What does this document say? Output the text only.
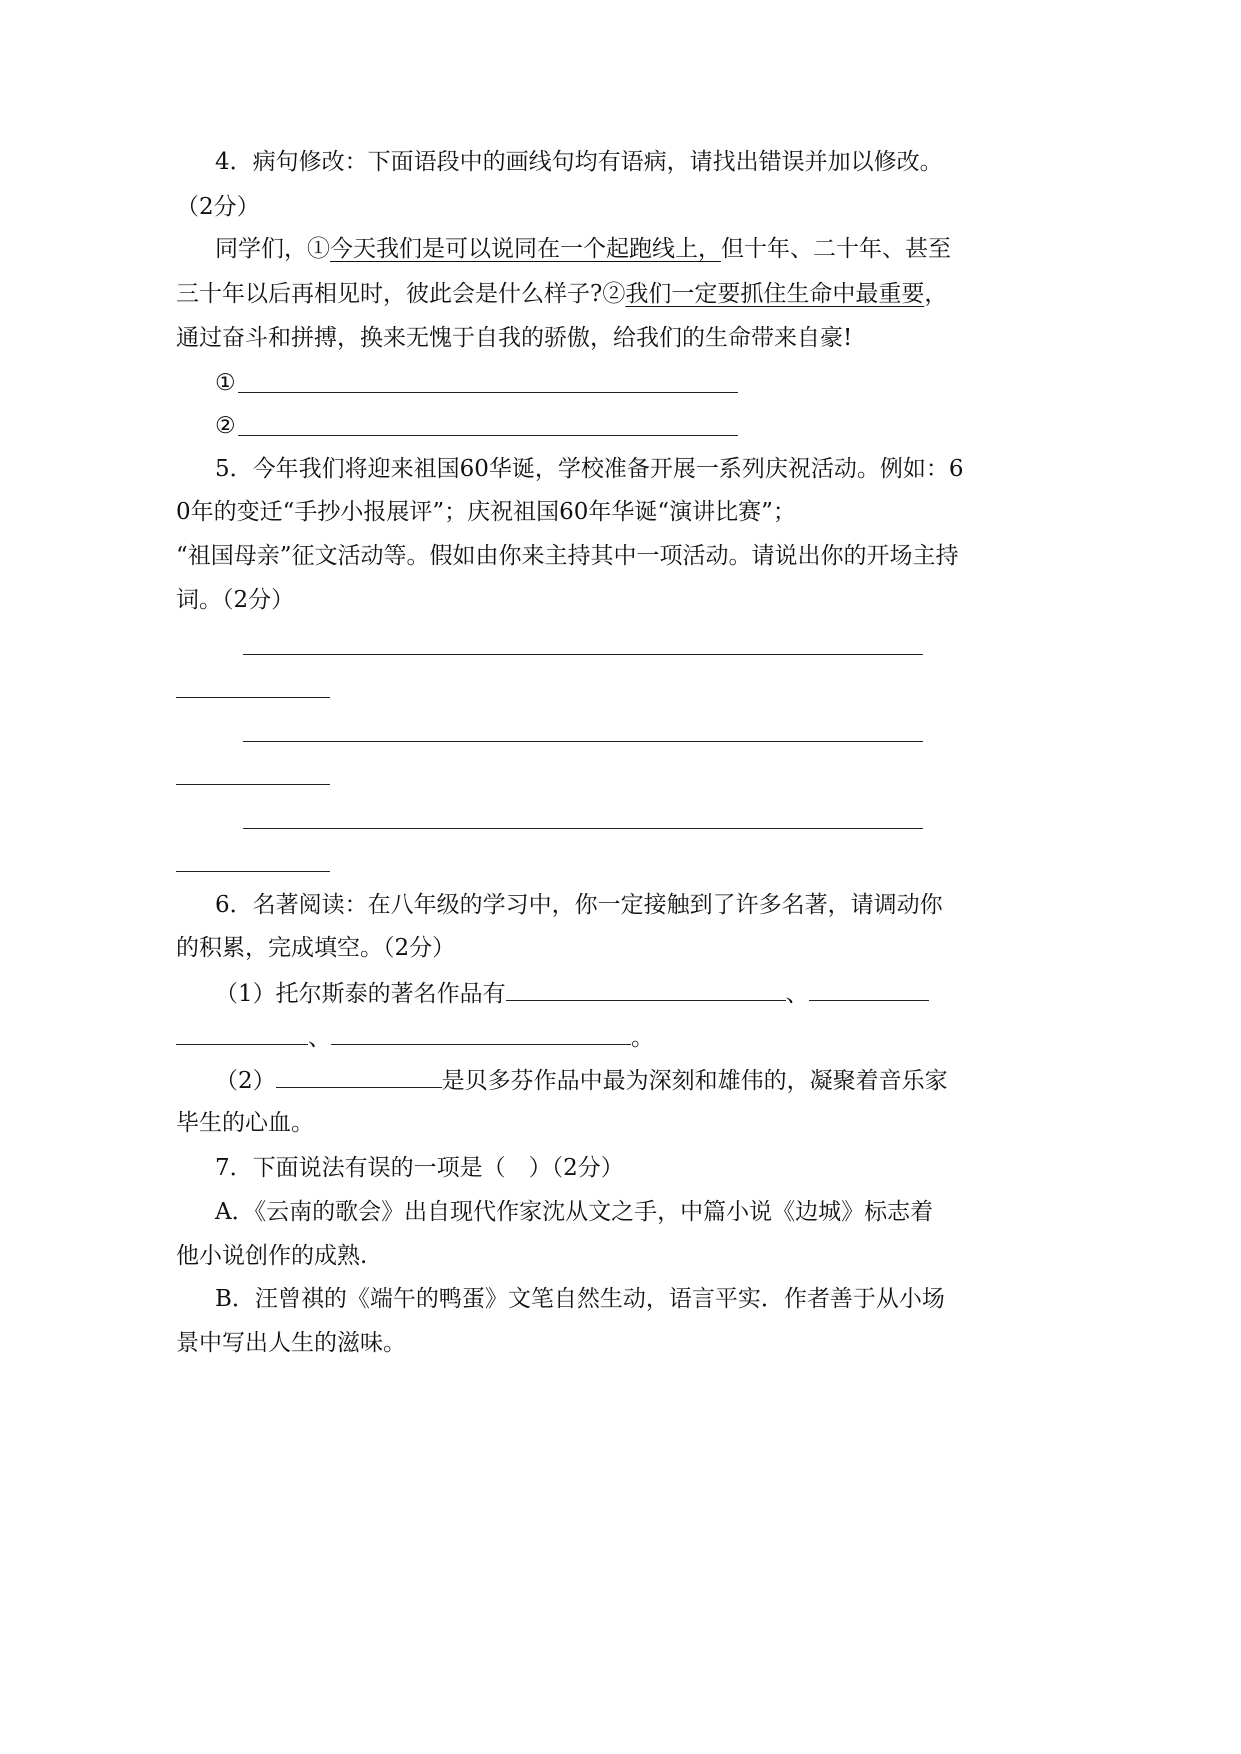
4．病句修改：下面语段中的画线句均有语病，请找出错误并加以修改。
（2分）
同学们，①今天我们是可以说同在一个起跑线上，但十年、二十年、甚至
三十年以后再相见时，彼此会是什么样子?②我们一定要抓住生命中最重要，
通过奋斗和拼搏，换来无愧于自我的骄傲，给我们的生命带来自豪!
①
②
5．今年我们将迎来祖国60华诞，学校准备开展一系列庆祝活动。例如：6
0年的变迁“手抄小报展评”；庆祝祖国60年华诞“演讲比赛”；
“祖国母亲”征文活动等。假如由你来主持其中一项活动。请说出你的开场主持
词。（2分）
6．名著阅读：在八年级的学习中，你一定接触到了许多名著，请调动你
的积累，完成填空。（2分）
（1）托尔斯泰的著名作品有	、
、	。
（2）	是贝多芬作品中最为深刻和雄伟的，凝聚着音乐家
毕生的心血。
7．下面说法有误的一项是（　）（2分）
A．《云南的歌会》出自现代作家沈从文之手，中篇小说《边城》标志着
他小说创作的成熟.
B．汪曾祺的《端午的鸭蛋》文笔自然生动，语言平实．作者善于从小场
景中写出人生的滋味。
